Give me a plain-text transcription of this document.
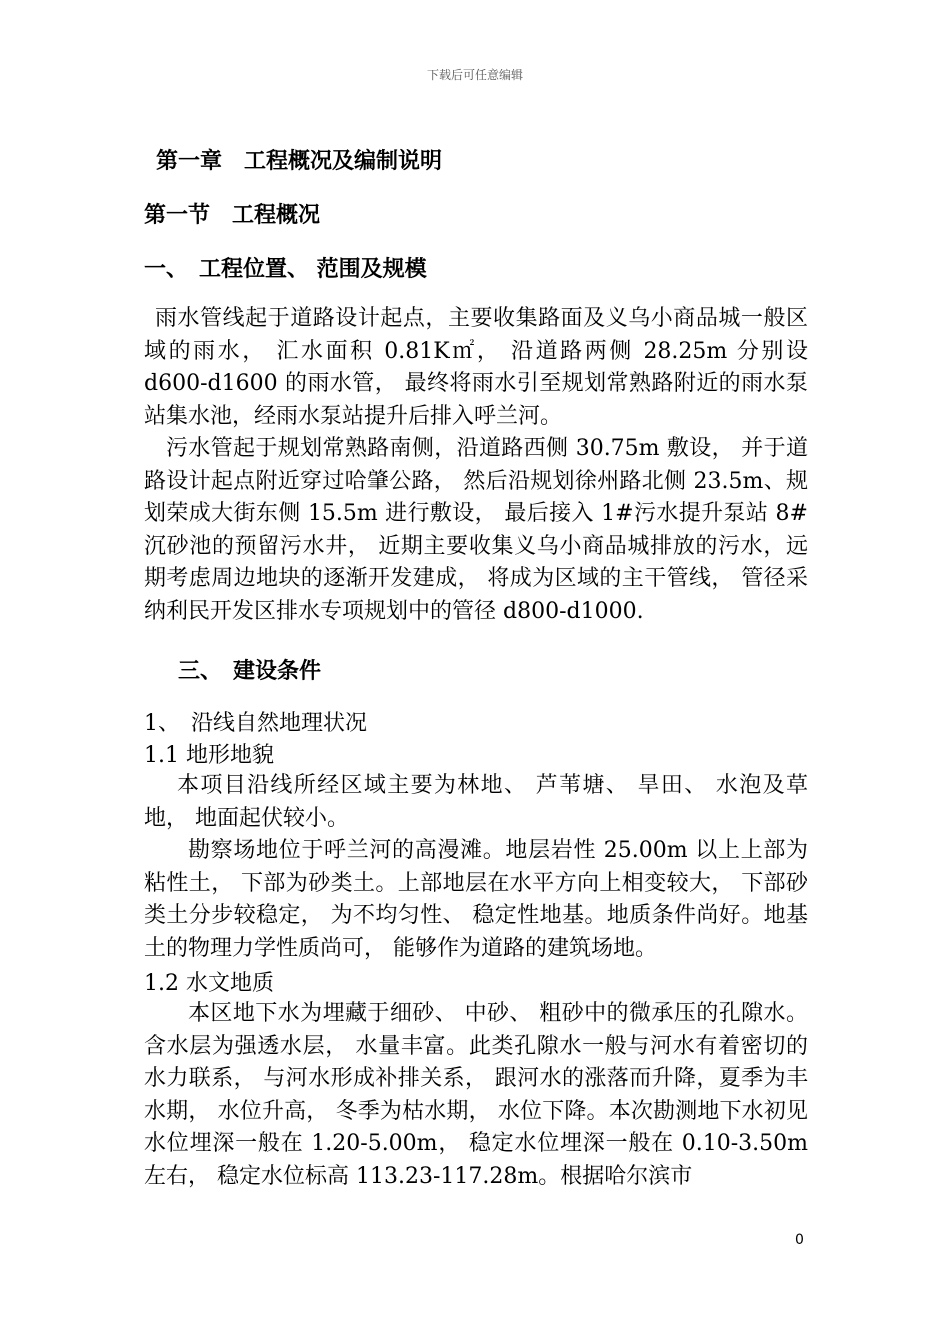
下载后可任意编辑
第一章　工程概况及编制说明
第一节　工程概况
一、　工程位置、 范围及规模

雨水管线起于道路设计起点，主要收集路面及义乌小商品城一般区域的雨水， 汇水面积 0.81K㎡， 沿道路两侧 28.25m 分别设 d600-d1600 的雨水管， 最终将雨水引至规划常熟路附近的雨水泵站集水池，经雨水泵站提升后排入呼兰河。

污水管起于规划常熟路南侧，沿道路西侧 30.75m 敷设， 并于道路设计起点附近穿过哈肇公路， 然后沿规划徐州路北侧 23.5m、规划荣成大街东侧 15.5m 进行敷设， 最后接入 1#污水提升泵站 8#沉砂池的预留污水井， 近期主要收集义乌小商品城排放的污水，远期考虑周边地块的逐渐开发建成， 将成为区域的主干管线， 管径采纳利民开发区排水专项规划中的管径 d800-d1000.

三、　建设条件
1、　沿线自然地理状况
1.1 地形地貌

本项目沿线所经区域主要为林地、 芦苇塘、 旱田、 水泡及草地， 地面起伏较小。

勘察场地位于呼兰河的高漫滩。地层岩性 25.00m 以上上部为粘性土， 下部为砂类土。上部地层在水平方向上相变较大， 下部砂类土分步较稳定， 为不均匀性、 稳定性地基。地质条件尚好。地基土的物理力学性质尚可， 能够作为道路的建筑场地。

1.2 水文地质

本区地下水为埋藏于细砂、 中砂、 粗砂中的微承压的孔隙水。含水层为强透水层， 水量丰富。此类孔隙水一般与河水有着密切的水力联系， 与河水形成补排关系， 跟河水的涨落而升降，夏季为丰水期， 水位升高， 冬季为枯水期， 水位下降。本次勘测地下水初见水位埋深一般在 1.20-5.00m， 稳定水位埋深一般在 0.10-3.50m 左右， 稳定水位标高 113.23-117.28m。根据哈尔滨市

0
